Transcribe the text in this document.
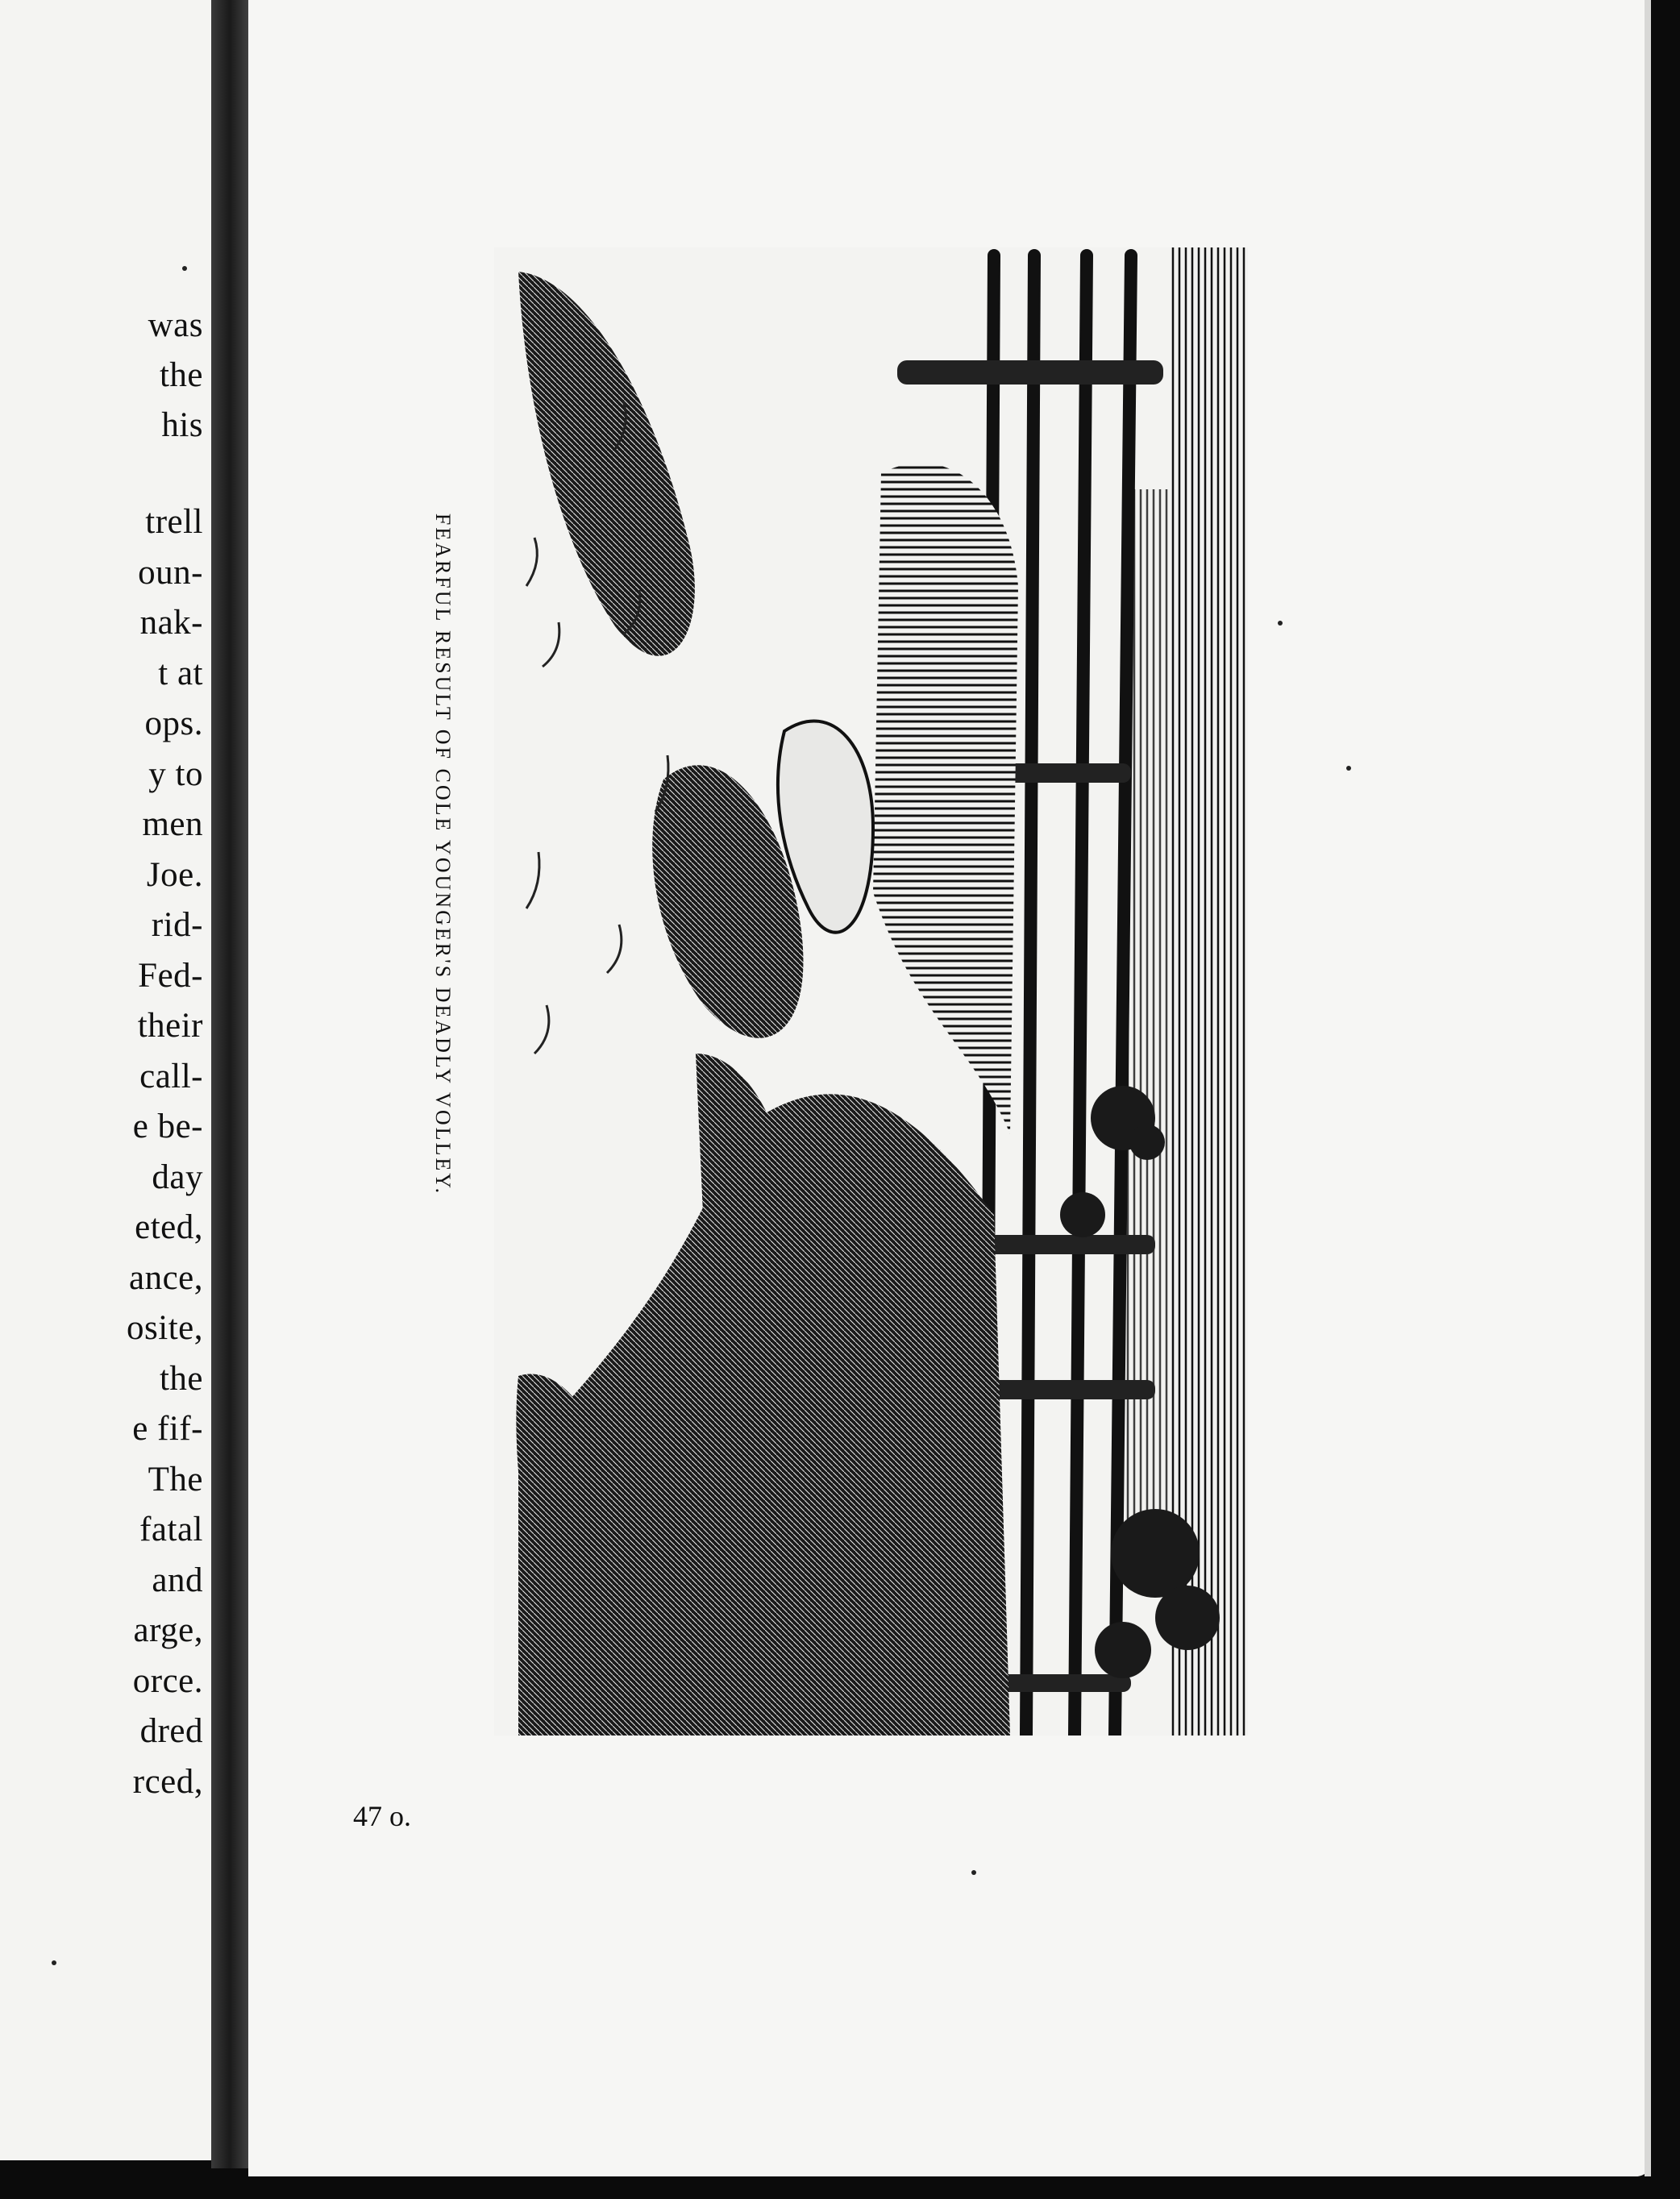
was
the
his
trell
oun-
nak-
t at
ops.
y to
men
Joe.
rid-
Fed-
their
call-
e be-
day
eted,
ance,
osite,
the
e fif-
The
fatal
and
arge,
orce.
dred
rced,
FEARFUL RESULT OF COLE YOUNGER'S DEADLY VOLLEY.
47 o.
